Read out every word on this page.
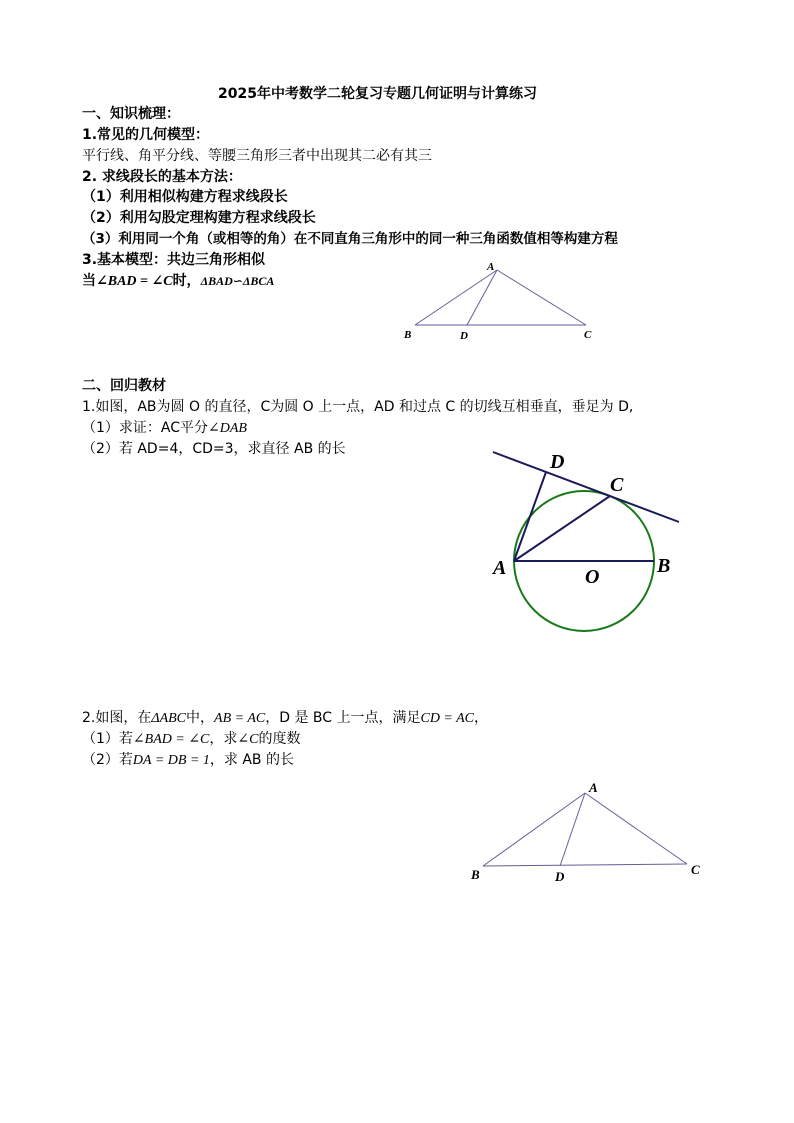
2025年中考数学二轮复习专题几何证明与计算练习
一、知识梳理：
1.常见的几何模型：
平行线、角平分线、等腰三角形三者中出现其二必有其三
2. 求线段长的基本方法：
（1）利用相似构建方程求线段长
（2）利用勾股定理构建方程求线段长
（3）利用同一个角（或相等的角）在不同直角三角形中的同一种三角函数值相等构建方程
3.基本模型：共边三角形相似
当∠BAD = ∠C时，ΔBAD∽ΔBCA
二、回归教材
1.如图，AB为圆 O 的直径，C为圆 O 上一点，AD 和过点 C 的切线互相垂直，垂足为 D,
（1）求证：AC平分∠DAB
（2）若 AD=4，CD=3，求直径 AB 的长
2.如图，在ΔABC中，AB = AC，D 是 BC 上一点，满足CD = AC，
（1）若∠BAD = ∠C，求∠C的度数
（2）若DA = DB = 1，求 AB 的长
A
B	D	C
D
C
A	B
O
A
B	D	C
